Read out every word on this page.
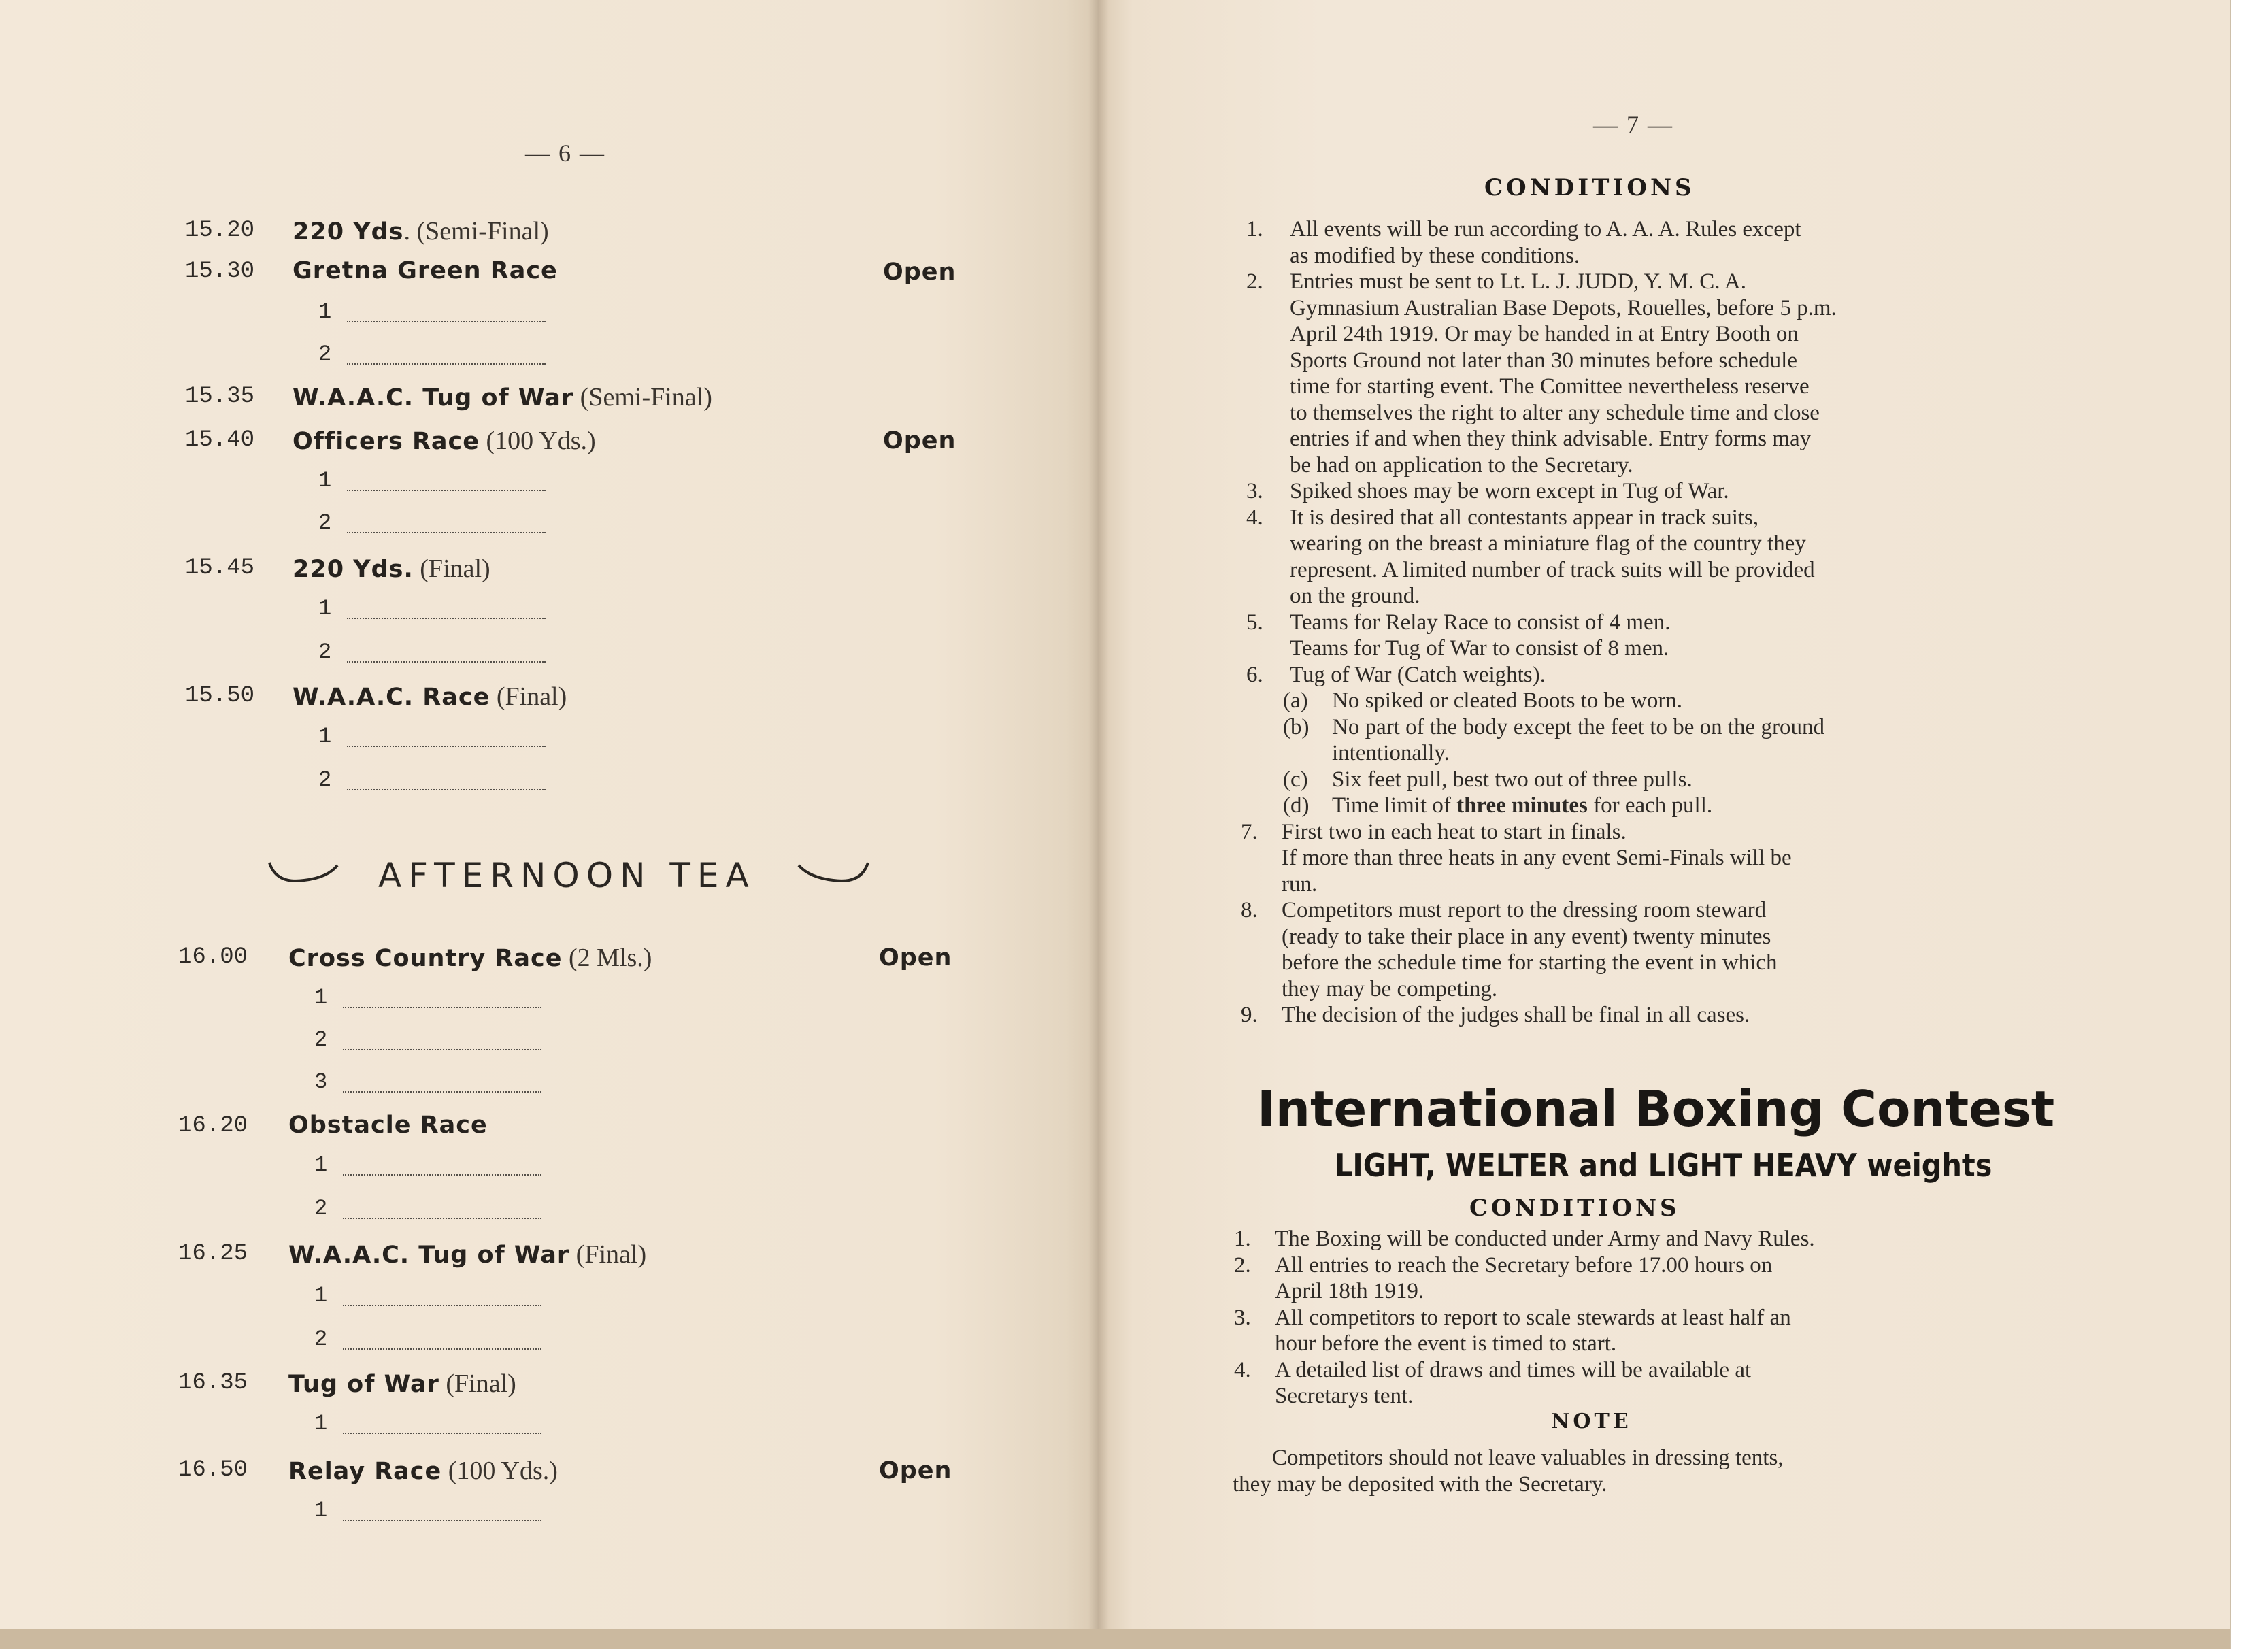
— 6 —
15.20 220 Yds. (Semi-Final)
15.30 Gretna Green Race	Open
1
2
15.35 W.A.A.C. Tug of War (Semi-Final)
15.40 Officers Race (100 Yds.)	Open
1
2
15.45 220 Yds. (Final)
1
2
15.50 W.A.A.C. Race (Final)
1
2
16.00 Cross Country Race (2 Mls.)	Open
1
2
3
16.20 Obstacle Race
1
2
16.25 W.A.A.C. Tug of War (Final)
1
2
16.35 Tug of War (Final)
1
16.50 Relay Race (100 Yds.)	Open
1
AFTERNOON TEA
— 7 —
CONDITIONS
1. All events will be run according to A. A. A. Rules except
as modified by these conditions.
2. Entries must be sent to Lt. L. J. JUDD, Y. M. C. A.
Gymnasium Australian Base Depots, Rouelles, before 5 p.m.
April 24th 1919. Or may be handed in at Entry Booth on
Sports Ground not later than 30 minutes before schedule
time for starting event. The Comittee nevertheless reserve
to themselves the right to alter any schedule time and close
entries if and when they think advisable. Entry forms may
be had on application to the Secretary.
3. Spiked shoes may be worn except in Tug of War.
4. It is desired that all contestants appear in track suits,
wearing on the breast a miniature flag of the country they
represent. A limited number of track suits will be provided
on the ground.
5. Teams for Relay Race to consist of 4 men.
Teams for Tug of War to consist of 8 men.
6. Tug of War (Catch weights).
(a) No spiked or cleated Boots to be worn.
(b) No part of the body except the feet to be on the ground
intentionally.
(c) Six feet pull, best two out of three pulls.
(d) Time limit of three minutes for each pull.
7. First two in each heat to start in finals.
If more than three heats in any event Semi-Finals will be
run.
8. Competitors must report to the dressing room steward
(ready to take their place in any event) twenty minutes
before the schedule time for starting the event in which
they may be competing.
9. The decision of the judges shall be final in all cases.
International Boxing Contest
LIGHT, WELTER and LIGHT HEAVY weights
CONDITIONS
1. The Boxing will be conducted under Army and Navy Rules.
2. All entries to reach the Secretary before 17.00 hours on
April 18th 1919.
3. All competitors to report to scale stewards at least half an
hour before the event is timed to start.
4. A detailed list of draws and times will be available at
Secretarys tent.
NOTE
Competitors should not leave valuables in dressing tents,
they may be deposited with the Secretary.
